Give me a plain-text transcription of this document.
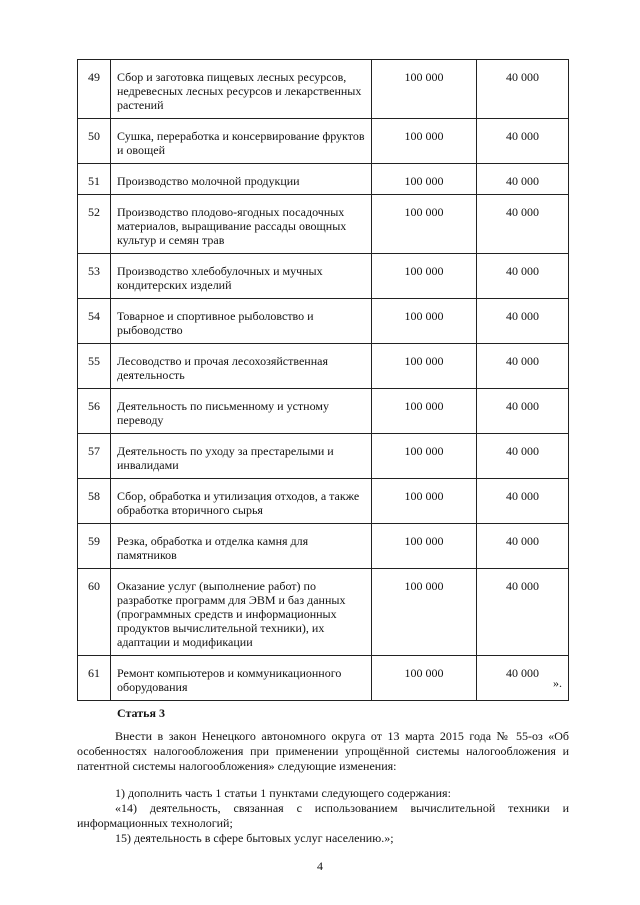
49	Сбор и заготовка пищевых лесных ресурсов, недревесных лесных ресурсов и лекарственных растений	100 000	40 000
50	Сушка, переработка и консервирование фруктов и овощей	100 000	40 000
51	Производство молочной продукции	100 000	40 000
52	Производство плодово-ягодных посадочных материалов, выращивание рассады овощных культур и семян трав	100 000	40 000
53	Производство хлебобулочных и мучных кондитерских изделий	100 000	40 000
54	Товарное и спортивное рыболовство и рыбоводство	100 000	40 000
55	Лесоводство и прочая лесохозяйственная деятельность	100 000	40 000
56	Деятельность по письменному и устному переводу	100 000	40 000
57	Деятельность по уходу за престарелыми и инвалидами	100 000	40 000
58	Сбор, обработка и утилизация отходов, а также обработка вторичного сырья	100 000	40 000
59	Резка, обработка и отделка камня для памятников	100 000	40 000
60	Оказание услуг (выполнение работ) по разработке программ для ЭВМ и баз данных (программных средств и информационных продуктов вычислительной техники), их адаптации и модификации	100 000	40 000
61	Ремонт компьютеров и коммуникационного оборудования	100 000	40 000
».
Статья 3

Внести в закон Ненецкого автономного округа от 13 марта 2015 года № 55-оз «Об особенностях налогообложения при применении упрощённой системы налогообложения и патентной системы налогообложения» следующие изменения:

1) дополнить часть 1 статьи 1 пунктами следующего содержания:

«14) деятельность, связанная с использованием вычислительной техники и информационных технологий;

15) деятельность в сфере бытовых услуг населению.»;

4
